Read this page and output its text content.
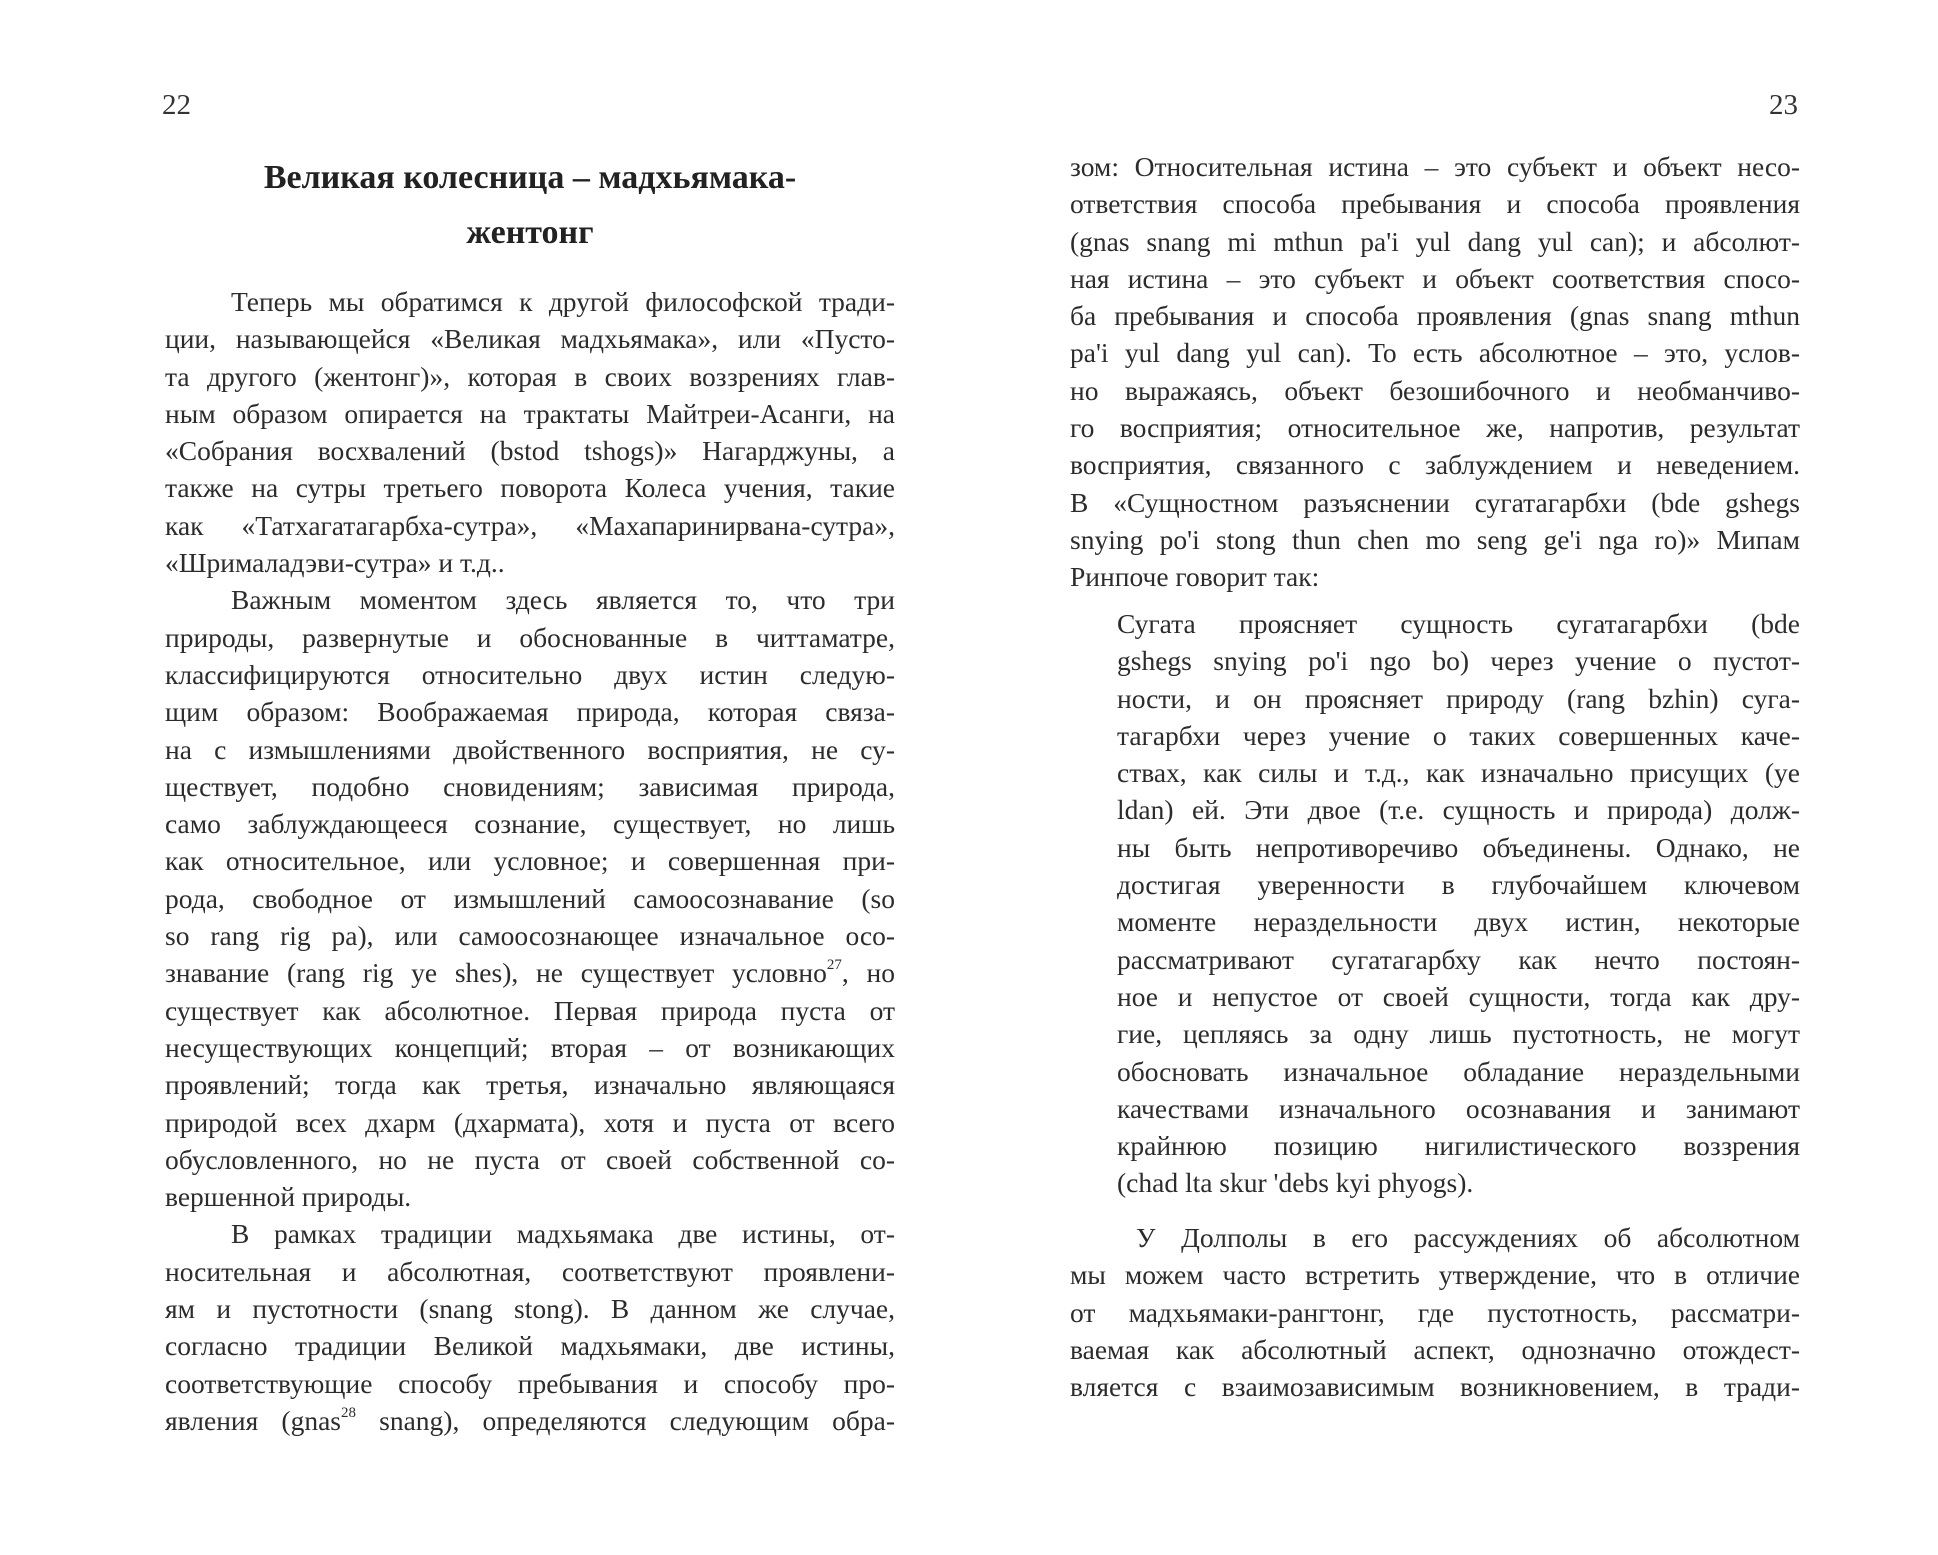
22
Великая колесница – мадхьямака-
жентонг
Теперь мы обратимся к другой философской тради-
ции, называющейся «Великая мадхьямака», или «Пусто-
та другого (жентонг)», которая в своих воззрениях глав-
ным образом опирается на трактаты Майтреи-Асанги, на
«Собрания восхвалений (bstod tshogs)» Нагарджуны, а
также на сутры третьего поворота Колеса учения, такие
как «Татхагатагарбха-сутра», «Махапаринирвана-сутра»,
«Шрималадэви-сутра» и т.д..
Важным моментом здесь является то, что три
природы, развернутые и обоснованные в читтаматре,
классифицируются относительно двух истин следую-
щим образом: Воображаемая природа, которая связа-
на с измышлениями двойственного восприятия, не су-
ществует, подобно сновидениям; зависимая природа,
само заблуждающееся сознание, существует, но лишь
как относительное, или условное; и совершенная при-
рода, свободное от измышлений самоосознавание (so
so rang rig pa), или самоосознающее изначальное осо-
знавание (rang rig ye shes), не существует условно$^{27}$, но
существует как абсолютное. Первая природа пуста от
несуществующих концепций; вторая – от возникающих
проявлений; тогда как третья, изначально являющаяся
природой всех дхарм (дхармата), хотя и пуста от всего
обусловленного, но не пуста от своей собственной со-
вершенной природы.
В рамках традиции мадхьямака две истины, от-
носительная и абсолютная, соответствуют проявлени-
ям и пустотности (snang stong). В данном же случае,
согласно традиции Великой мадхьямаки, две истины,
соответствующие способу пребывания и способу про-
явления (gnas$^{28}$ snang), определяются следующим обра-
23
зом: Относительная истина – это субъект и объект несо-
ответствия способа пребывания и способа проявления
(gnas snang mi mthun pa'i yul dang yul can); и абсолют-
ная истина – это субъект и объект соответствия спосо-
ба пребывания и способа проявления (gnas snang mthun
pa'i yul dang yul can). То есть абсолютное – это, услов-
но выражаясь, объект безошибочного и необманчиво-
го восприятия; относительное же, напротив, результат
восприятия, связанного с заблуждением и неведением.
В «Сущностном разъяснении сугатагарбхи (bde gshegs
snying po'i stong thun chen mo seng ge'i nga ro)» Мипам
Ринпоче говорит так:
Сугата проясняет сущность сугатагарбхи (bde
gshegs snying po'i ngo bo) через учение о пустот-
ности, и он проясняет природу (rang bzhin) суга-
тагарбхи через учение о таких совершенных каче-
ствах, как силы и т.д., как изначально присущих (ye
ldan) ей. Эти двое (т.е. сущность и природа) долж-
ны быть непротиворечиво объединены. Однако, не
достигая уверенности в глубочайшем ключевом
моменте нераздельности двух истин, некоторые
рассматривают сугатагарбху как нечто постоян-
ное и непустое от своей сущности, тогда как дру-
гие, цепляясь за одну лишь пустотность, не могут
обосновать изначальное обладание нераздельными
качествами изначального осознавания и занимают
крайнюю позицию нигилистического воззрения
(chad lta skur 'debs kyi phyogs).
У Долполы в его рассуждениях об абсолютном
мы можем часто встретить утверждение, что в отличие
от мадхьямаки-рангтонг, где пустотность, рассматри-
ваемая как абсолютный аспект, однозначно отождест-
вляется с взаимозависимым возникновением, в тради-
